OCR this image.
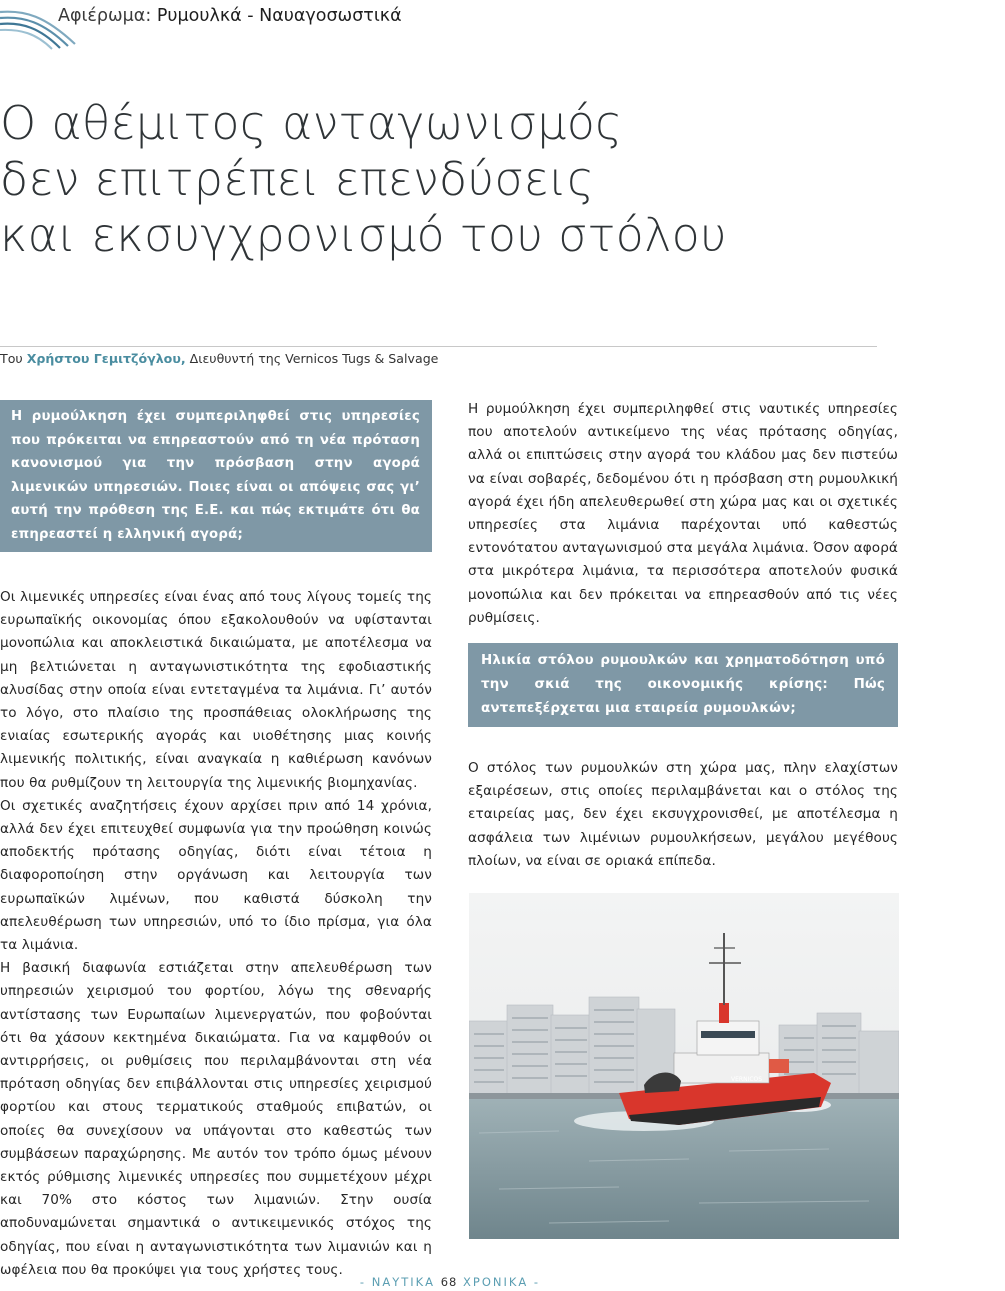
Αφιέρωμα: Ρυμουλκά - Ναυαγοσωστικά
Ο αθέμιτος ανταγωνισμός
δεν επιτρέπει επενδύσεις
και εκσυγχρονισμό του στόλου
Του Χρήστου Γεμιτζόγλου, Διευθυντή της Vernicos Tugs & Salvage

Η ρυμούλκηση έχει συμπεριληφθεί στις υπηρεσίες που πρόκειται να επηρεαστούν από τη νέα πρόταση κανονισμού για την πρόσβαση στην αγορά λιμενικών υπηρεσιών. Ποιες είναι οι απόψεις σας γι’ αυτή την πρόθεση της Ε.Ε. και πώς εκτιμάτε ότι θα επηρεαστεί η ελληνική αγορά;

Οι λιμενικές υπηρεσίες είναι ένας από τους λίγους τομείς της ευρωπαϊκής οικονομίας όπου εξακολουθούν να υφίστανται μονοπώλια και αποκλειστικά δικαιώματα, με αποτέλεσμα να μη βελτιώνεται η ανταγωνιστικότητα της εφοδιαστικής αλυσίδας στην οποία είναι εντεταγμένα τα λιμάνια. Γι’ αυτόν το λόγο, στο πλαίσιο της προσπάθειας ολοκλήρωσης της ενιαίας εσωτερικής αγοράς και υιοθέτησης μιας κοινής λιμενικής πολιτικής, είναι αναγκαία η καθιέρωση κανόνων που θα ρυθμίζουν τη λειτουργία της λιμενικής βιομηχανίας.

Οι σχετικές αναζητήσεις έχουν αρχίσει πριν από 14 χρόνια, αλλά δεν έχει επιτευχθεί συμφωνία για την προώθηση κοινώς αποδεκτής πρότασης οδηγίας, διότι είναι τέτοια η διαφοροποίηση στην οργάνωση και λειτουργία των ευρωπαϊκών λιμένων, που καθιστά δύσκολη την απελευθέρωση των υπηρεσιών, υπό το ίδιο πρίσμα, για όλα τα λιμάνια.

Η βασική διαφωνία εστιάζεται στην απελευθέρωση των υπηρεσιών χειρισμού του φορτίου, λόγω της σθεναρής αντίστασης των Ευρωπαίων λιμενεργατών, που φοβούνται ότι θα χάσουν κεκτημένα δικαιώματα. Για να καμφθούν οι αντιρρήσεις, οι ρυθμίσεις που περιλαμβάνονται στη νέα πρόταση οδηγίας δεν επιβάλλονται στις υπηρεσίες χειρισμού φορτίου και στους τερματικούς σταθμούς επιβατών, οι οποίες θα συνεχίσουν να υπάγονται στο καθεστώς των συμβάσεων παραχώρησης. Με αυτόν τον τρόπο όμως μένουν εκτός ρύθμισης λιμενικές υπηρεσίες που συμμετέχουν μέχρι και 70% στο κόστος των λιμανιών. Στην ουσία αποδυναμώνεται σημαντικά ο αντικειμενικός στόχος της οδηγίας, που είναι η ανταγωνιστικότητα των λιμανιών και η ωφέλεια που θα προκύψει για τους χρήστες τους.

Η ρυμούλκηση έχει συμπεριληφθεί στις ναυτικές υπηρεσίες που αποτελούν αντικείμενο της νέας πρότασης οδηγίας, αλλά οι επιπτώσεις στην αγορά του κλάδου μας δεν πιστεύω να είναι σοβαρές, δεδομένου ότι η πρόσβαση στη ρυμουλκική αγορά έχει ήδη απελευθερωθεί στη χώρα μας και οι σχετικές υπηρεσίες στα λιμάνια παρέχονται υπό καθεστώς εντονότατου ανταγωνισμού στα μεγάλα λιμάνια. Όσον αφορά στα μικρότερα λιμάνια, τα περισσότερα αποτελούν φυσικά μονοπώλια και δεν πρόκειται να επηρεασθούν από τις νέες ρυθμίσεις.

Ηλικία στόλου ρυμουλκών και χρηματοδότηση υπό την σκιά της οικονομικής κρίσης: Πώς αντεπεξέρχεται μια εταιρεία ρυμουλκών;

Ο στόλος των ρυμουλκών στη χώρα μας, πλην ελαχίστων εξαιρέσεων, στις οποίες περιλαμβάνεται και ο στόλος της εταιρείας μας, δεν έχει εκσυγχρονισθεί, με αποτέλεσμα η ασφάλεια των λιμένιων ρυμουλκήσεων, μεγάλου μεγέθους πλοίων, να είναι σε οριακά επίπεδα.

VERNICOS
- ΝΑΥΤΙΚΑ 68 ΧΡΟΝΙΚΑ -
